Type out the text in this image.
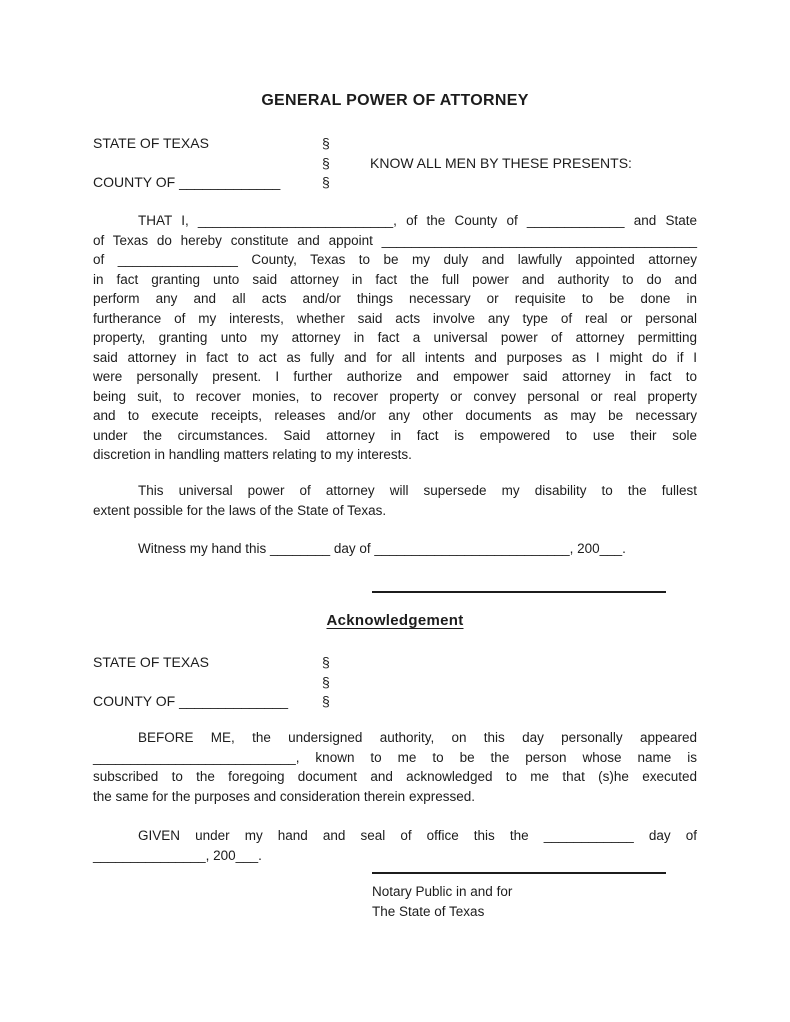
GENERAL POWER OF ATTORNEY
STATE OF TEXAS	§
§	KNOW ALL MEN BY THESE PRESENTS:
COUNTY OF _____________	§
THAT I, __________________________, of the County of _____________ and State
of Texas do hereby constitute and appoint __________________________________________
of ________________ County, Texas to be my duly and lawfully appointed attorney
in fact granting unto said attorney in fact the full power and authority to do and
perform any and all acts and/or things necessary or requisite to be done in
furtherance of my interests, whether said acts involve any type of real or personal
property, granting unto my attorney in fact a universal power of attorney permitting
said attorney in fact to act as fully and for all intents and purposes as I might do if I
were personally present. I further authorize and empower said attorney in fact to
being suit, to recover monies, to recover property or convey personal or real property
and to execute receipts, releases and/or any other documents as may be necessary
under the circumstances. Said attorney in fact is empowered to use their sole
discretion in handling matters relating to my interests.
This universal power of attorney will supersede my disability to the fullest
extent possible for the laws of the State of Texas.
Witness my hand this ________ day of __________________________, 200___.
Acknowledgement
STATE OF TEXAS	§
§
COUNTY OF ______________	§
BEFORE ME, the undersigned authority, on this day personally appeared
___________________________, known to me to be the person whose name is
subscribed to the foregoing document and acknowledged to me that (s)he executed
the same for the purposes and consideration therein expressed.
GIVEN under my hand and seal of office this the ____________ day of
_______________, 200___.
Notary Public in and for
The State of Texas
